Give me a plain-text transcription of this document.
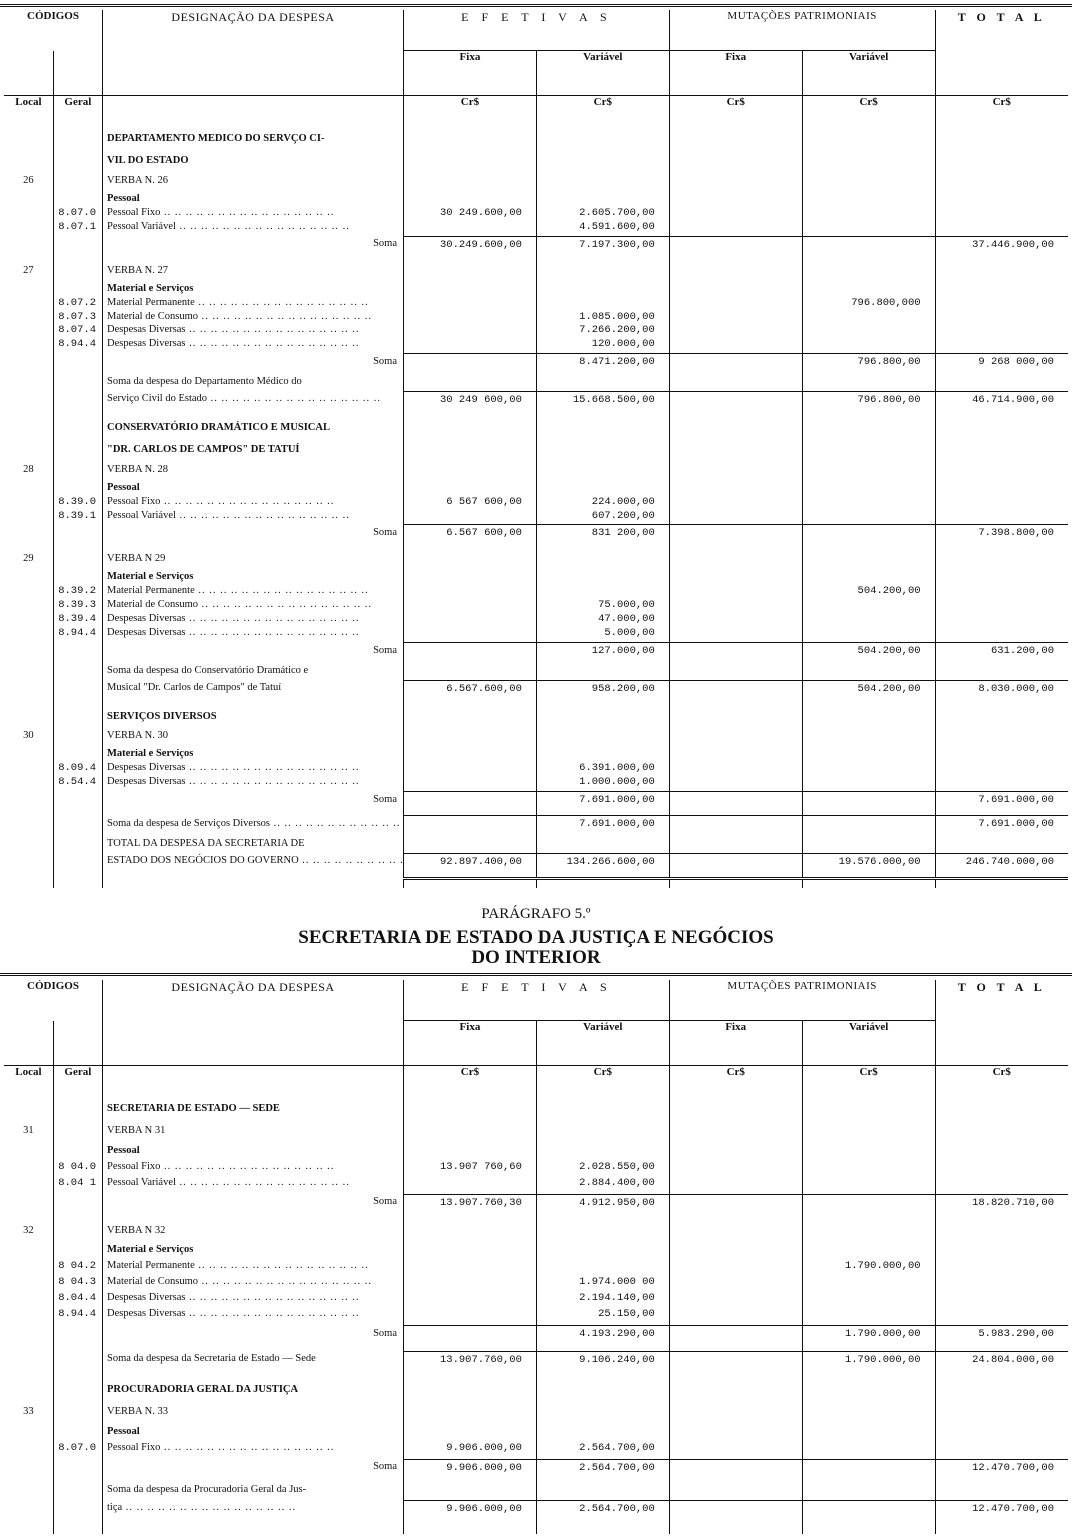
CÓDIGOS		DESIGNAÇÃO DA DESPESA	E F E T I V A S		MUTAÇÕES PATRIMONIAIS		T O T A L
			Fixa	Variável	Fixa	Variável	
Local	Geral		Cr$	Cr$	Cr$	Cr$	Cr$
		DEPARTAMENTO MÉDICO DO SERVÇO CI-					
		VIL DO ESTADO					
26		VERBA N. 26					
		Pessoal					
	8.07.0	Pessoal Fixo .. ..	30 249.600,00	2.605.700,00			
	8.07.1	Pessoal Variável .. ..		4.591.600,00			
		Soma	30.249.600,00	7.197.300,00			37.446.900,00
27		VERBA N. 27					
		Material e Serviços					
	8.07.2	Material Permanente .. ..				796.800,000	
	8.07.3	Material de Consumo .. ..		1.085.000,00			
	8.07.4	Despesas Diversas .. ..		7.266.200,00			
	8.94.4	Despesas Diversas .. ..		120.000,00			
		Soma		8.471.200,00		796.800,00	9 268 000,00
		Soma da despesa do Departamento Médico do					
		Serviço Civil do Estado .. ..	30 249 600,00	15.668.500,00		796.800,00	46.714.900,00
		CONSERVATÓRIO DRAMÁTICO E MUSICAL					
		"DR. CARLOS DE CAMPOS" DE TATUÍ					
28		VERBA N. 28					
		Pessoal					
	8.39.0	Pessoal Fixo .. ..	6 567 600,00	224.000,00			
	8.39.1	Pessoal Variável .. ..		607.200,00			
		Soma	6.567 600,00	831 200,00			7.398.800,00
29		VERBA N 29					
		Material e Serviços					
	8.39.2	Material Permanente .. ..				504.200,00	
	8.39.3	Material de Consumo .. ..		75.000,00			
	8.39.4	Despesas Diversas .. ..		47.000,00			
	8.94.4	Despesas Diversas .. ..		5.000,00			
		Soma		127.000,00		504.200,00	631.200,00
		Soma da despesa do Conservatório Dramático e					
		Musical "Dr. Carlos de Campos" de Tatuí	6.567.600,00	958.200,00		504.200,00	8.030.000,00
		SERVIÇOS DIVERSOS					
30		VERBA N. 30					
		Material e Serviços					
	8.09.4	Despesas Diversas .. ..		6.391.000,00			
	8.54.4	Despesas Diversas .. ..		1.000.000,00			
		Soma		7.691.000,00			7.691.000,00
		Soma da despesa de Serviços Diversos .. ..		7.691.000,00			7.691.000,00
		TOTAL DA DESPESA DA SECRETARIA DE					
		ESTADO DOS NEGÓCIOS DO GOVERNO .. ..	92.897.400,00	134.266.600,00		19.576.000,00	246.740.000,00

PARÁGRAFO 5.º
SECRETARIA DE ESTADO DA JUSTIÇA E NEGÓCIOS
DO INTERIOR
CÓDIGOS		DESIGNAÇÃO DA DESPESA	E F E T I V A S		MUTAÇÕES PATRIMONIAIS		T O T A L
			Fixa	Variável	Fixa	Variável	
Local	Geral		Cr$	Cr$	Cr$	Cr$	Cr$
		SECRETARIA DE ESTADO — SEDE					
31		VERBA N 31					
		Pessoal					
	8 04.0	Pessoal Fixo .. ..	13.907 760,60	2.028.550,00			
	8.04 1	Pessoal Variável .. ..		2.884.400,00			
		Soma	13.907.760,30	4.912.950,00			18.820.710,00
32		VERBA N 32					
		Material e Serviços					
	8 04.2	Material Permanente .. ..				1.790.000,00	
	8 04.3	Material de Consumo .. ..		1.974.000 00			
	8.04.4	Despesas Diversas .. ..		2.194.140,00			
	8.94.4	Despesas Diversas .. ..		25.150,00			
		Soma		4.193.290,00		1.790.000,00	5.983.290,00
		Soma da despesa da Secretaria de Estado — Sede	13.907.760,00	9.106.240,00		1.790.000,00	24.804.000,00
		PROCURADORIA GERAL DA JUSTIÇA					
33		VERBA N. 33					
		Pessoal					
	8.07.0	Pessoal Fixo .. ..	9.906.000,00	2.564.700,00			
		Soma	9.906.000,00	2.564.700,00			12.470.700,00
		Soma da despesa da Procuradoria Geral da Jus-					
		tiça .. ..	9.906.000,00	2.564.700,00			12.470.700,00
